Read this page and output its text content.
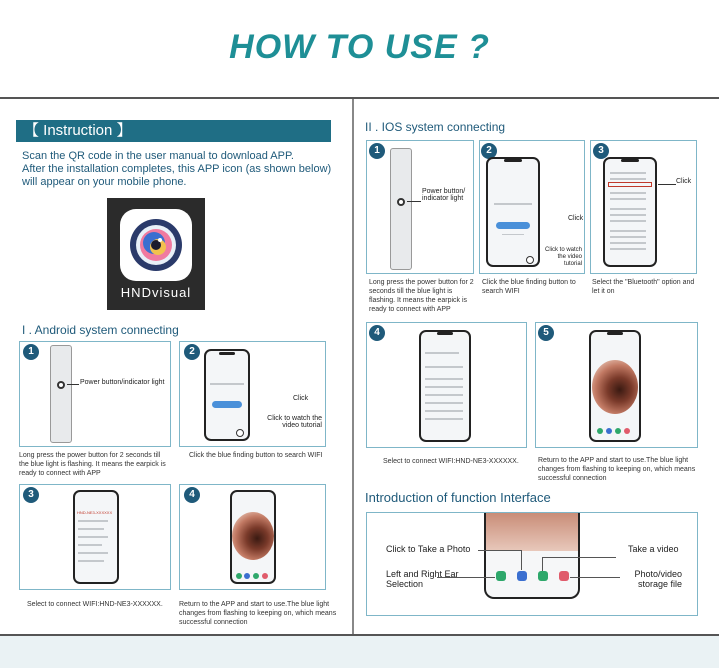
HOW TO USE ?
【 Instruction 】
Scan the QR code in the user manual to download APP.
After the installation completes, this APP icon (as shown below)
will appear on your mobile phone.
HNDvisual
I . Android system connecting
1
Power button/indicator light
Long press the power button for 2 seconds till the blue light is flashing. It means the earpick is ready to connect with APP
2
Click
Click to watch the video tutorial
Click the blue finding button to search WIFI
3
HND-NE3-XXXXXX
Select to connect WIFI:HND-NE3-XXXXXX.
4
Return to the APP and start to use.The blue light changes from flashing to keeping on, which means successful connection
II . IOS system connecting
1
Power button/ indicator light
Long press the power button for 2 seconds till the blue light is flashing. It means the earpick is ready to connect with APP
2
Click
Click to watch the video tutorial
Click the blue finding button to search WIFI
3
Click
Select the "Bluetooth" option and let it on
4
Select to connect WIFI:HND-NE3-XXXXXX.
5
Return to the APP and start to use.The blue light changes from flashing to keeping on, which means successful connection
Introduction of function Interface
Click to Take a Photo
Left and Right Ear Selection
Take a video
Photo/video storage file
